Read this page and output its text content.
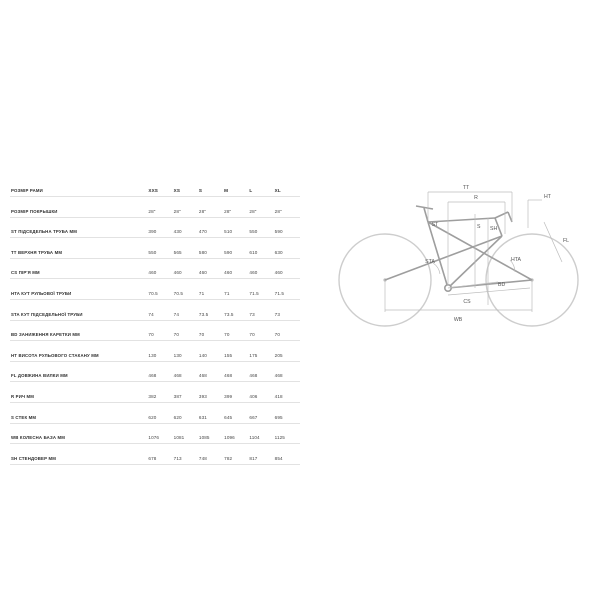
РОЗМІР РАМИ	XXS	XS	S	M	L	XL
РОЗМІР ПОКРЫШКИ	28"	28"	28"	28"	28"	28"
ST ПІДСЕДЕЛЬНА ТРУБА ММ	390	430	470	510	550	590
TT ВЕРХНЯ ТРУБА ММ	550	565	580	590	610	630
CS ПІР'Я ММ	460	460	460	460	460	460
HTA КУТ РУЛЬОВОЇ ТРУБИ	70.5	70.5	71	71	71.5	71.5
STA КУТ ПІДСЕДЕЛЬНОЇ ТРУБИ	74	74	73.5	73.5	73	73
BD ЗАНИЖЕННЯ КАРЕТКИ ММ	70	70	70	70	70	70
HT ВИСОТА РУЛЬОВОГО СТАКАНУ ММ	130	130	140	155	175	205
FL ДОВЖИНА ВИЛКИ ММ	468	468	468	468	468	468
R РИЧ ММ	382	387	393	399	406	418
S СТЕК ММ	620	620	631	645	667	695
WB КОЛЕСНА БАЗА ММ	1076	1081	1085	1096	1104	1125
SH СТЕНДОВЕР ММ	678	713	748	782	817	854
TT
R	HT
ST	S SH
FL
STA	HTA
CS
BD
WB
